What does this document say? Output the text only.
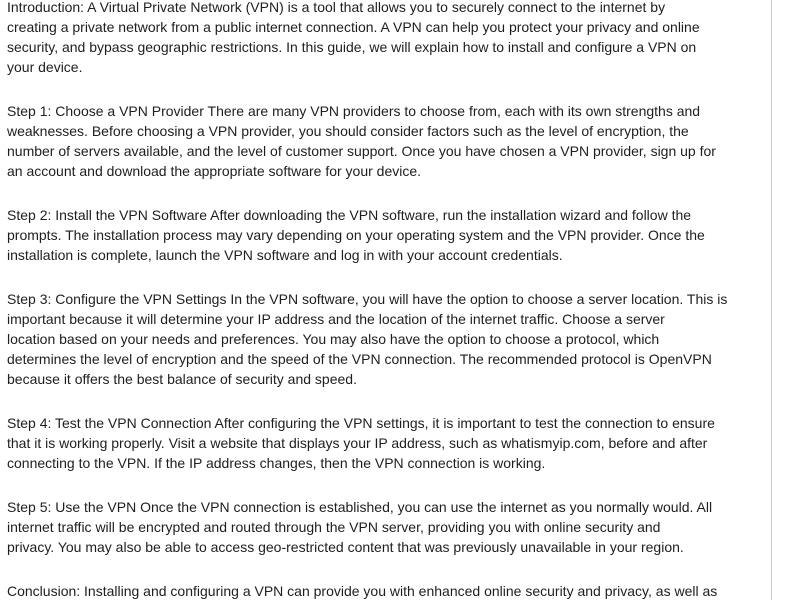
Introduction: A Virtual Private Network (VPN) is a tool that allows you to securely connect to the internet by
creating a private network from a public internet connection. A VPN can help you protect your privacy and online
security, and bypass geographic restrictions. In this guide, we will explain how to install and configure a VPN on
your device.

Step 1: Choose a VPN Provider There are many VPN providers to choose from, each with its own strengths and
weaknesses. Before choosing a VPN provider, you should consider factors such as the level of encryption, the
number of servers available, and the level of customer support. Once you have chosen a VPN provider, sign up for
an account and download the appropriate software for your device.

Step 2: Install the VPN Software After downloading the VPN software, run the installation wizard and follow the
prompts. The installation process may vary depending on your operating system and the VPN provider. Once the
installation is complete, launch the VPN software and log in with your account credentials.

Step 3: Configure the VPN Settings In the VPN software, you will have the option to choose a server location. This is
important because it will determine your IP address and the location of the internet traffic. Choose a server
location based on your needs and preferences. You may also have the option to choose a protocol, which
determines the level of encryption and the speed of the VPN connection. The recommended protocol is OpenVPN
because it offers the best balance of security and speed.

Step 4: Test the VPN Connection After configuring the VPN settings, it is important to test the connection to ensure
that it is working properly. Visit a website that displays your IP address, such as whatismyip.com, before and after
connecting to the VPN. If the IP address changes, then the VPN connection is working.

Step 5: Use the VPN Once the VPN connection is established, you can use the internet as you normally would. All
internet traffic will be encrypted and routed through the VPN server, providing you with online security and
privacy. You may also be able to access geo-restricted content that was previously unavailable in your region.

Conclusion: Installing and configuring a VPN can provide you with enhanced online security and privacy, as well as
